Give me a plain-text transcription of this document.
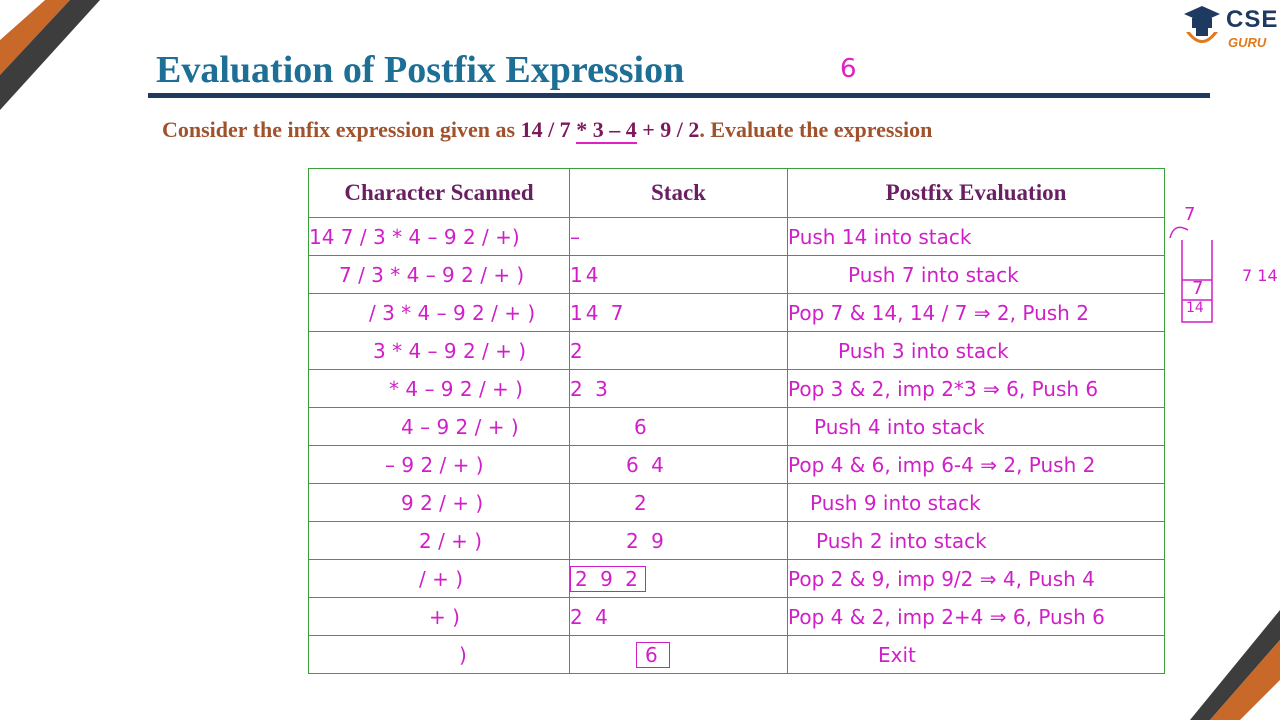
CSE
GURU
Evaluation of Postfix Expression	6
Consider the infix expression given as 14 / 7 * 3 – 4 + 9 / 2. Evaluate the expression
Character Scanned	Stack	Postfix Evaluation
14 7 / 3 * 4 – 9 2 / +)	–	Push 14 into stack
7 / 3 * 4 – 9 2 / + )	14	Push 7 into stack
/ 3 * 4 – 9 2 / + )	14 7	Pop 7 & 14, 14 / 7 ⇒ 2, Push 2
3 * 4 – 9 2 / + )	2	Push 3 into stack
* 4 – 9 2 / + )	2 3	Pop 3 & 2, imp 2*3 ⇒ 6, Push 6
4 – 9 2 / + )	6	Push 4 into stack
– 9 2 / + )	6 4	Pop 4 & 6, imp 6-4 ⇒ 2, Push 2
9 2 / + )	2	Push 9 into stack
2 / + )	2 9	Push 2 into stack
/ + )	2 9 2	Pop 2 & 9, imp 9/2 ⇒ 4, Push 4
+ )	2 4	Pop 4 & 2, imp 2+4 ⇒ 6, Push 6
)	6	Exit
7
7
14
7 14
